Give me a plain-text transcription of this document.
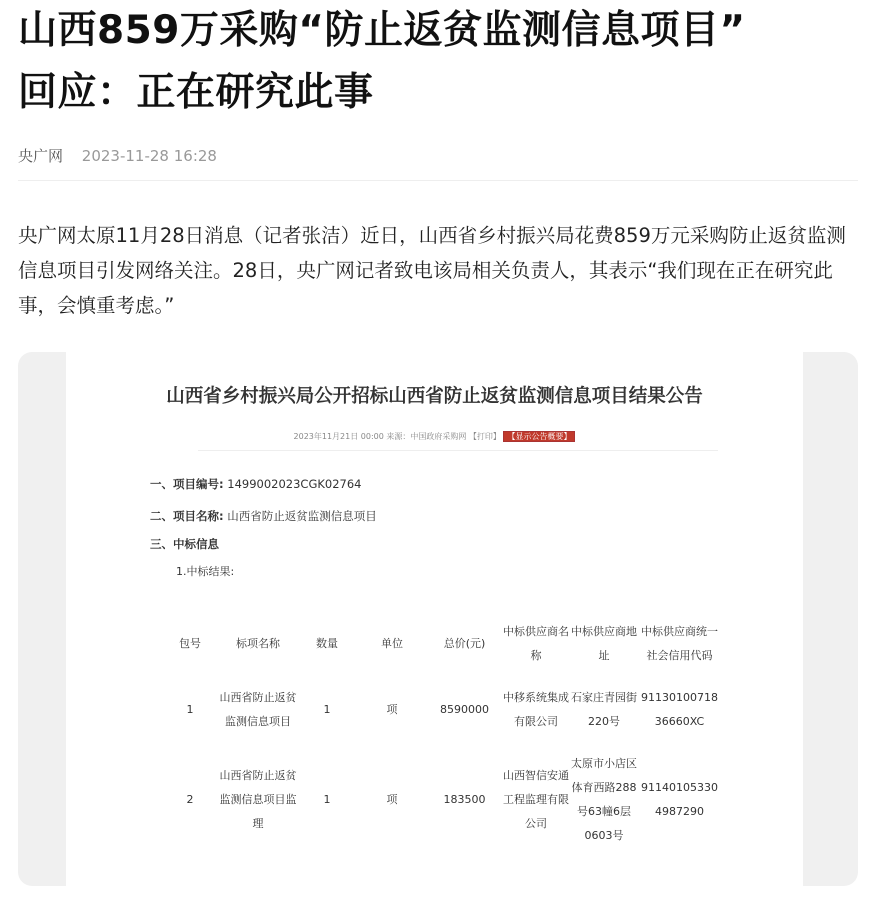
山西859万采购“防止返贫监测信息项目”
回应：正在研究此事
央广网 2023-11-28 16:28

央广网太原11月28日消息（记者张洁）近日，山西省乡村振兴局花费859万元采购防止返贫监测信息项目引发网络关注。28日，央广网记者致电该局相关负责人，其表示“我们现在正在研究此事，会慎重考虑。”

山西省乡村振兴局公开招标山西省防止返贫监测信息项目结果公告
2023年11月21日 00:00 来源：中国政府采购网 【打印】 【显示公告概要】
一、项目编号: 1499002023CGK02764
二、项目名称: 山西省防止返贫监测信息项目
三、中标信息
1.中标结果:
包号	标项名称	数量	单位	总价(元)	中标供应商名称	中标供应商地址	中标供应商统一社会信用代码
1	山西省防止返贫监测信息项目	1	项	8590000	中移系统集成有限公司	石家庄青园街220号	9113010071836660XC
2	山西省防止返贫监测信息项目监理	1	项	183500	山西智信安通工程监理有限公司	太原市小店区体育西路288号63幢6层0603号	911401053304987290
